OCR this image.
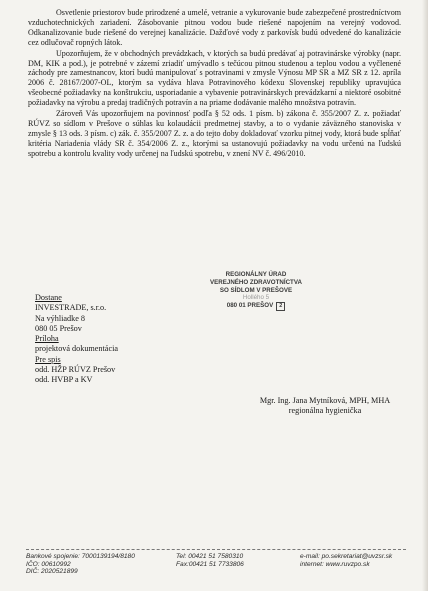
Osvetlenie priestorov bude prirodzené a umelé, vetranie a vykurovanie bude zabezpečené prostredníctvom vzduchotechnických zariadení. Zásobovanie pitnou vodou bude riešené napojením na verejný vodovod. Odkanalizovanie bude riešené do verejnej kanalizácie. Dažďové vody z parkovísk budú odvedené do kanalizácie cez odlučovač ropných látok.

Upozorňujem, že v obchodných prevádzkach, v ktorých sa budú predávať aj potravinárske výrobky (napr. DM, KIK a pod.), je potrebné v zázemí zriadiť umývadlo s tečúcou pitnou studenou a teplou vodou a vyčlenené záchody pre zamestnancov, ktorí budú manipulovať s potravinami v zmysle Výnosu MP SR a MZ SR z 12. apríla 2006 č. 28167/2007-OL, ktorým sa vydáva hlava Potravinového kódexu Slovenskej republiky upravujúca všeobecné požiadavky na konštrukciu, usporiadanie a vybavenie potravinárskych prevádzkarní a niektoré osobitné požiadavky na výrobu a predaj tradičných potravín a na priame dodávanie malého množstva potravín.

Zároveň Vás upozorňujem na povinnosť podľa § 52 ods. 1 písm. b) zákona č. 355/2007 Z. z. požiadať RÚVZ so sídlom v Prešove o súhlas ku kolaudácii predmetnej stavby, a to o vydanie záväzného stanoviska v zmysle § 13 ods. 3 písm. c) zák. č. 355/2007 Z. z. a do tejto doby dokladovať vzorku pitnej vody, ktorá bude spĺňať kritéria Nariadenia vlády SR č. 354/2006 Z. z., ktorými sa ustanovujú požiadavky na vodu určenú na ľudskú spotrebu a kontrolu kvality vody určenej na ľudskú spotrebu, v znení NV č. 496/2010.

Dostane
INVESTRADE, s.r.o.
Na výhliadke 8
080 05 Prešov
Príloha
projektová dokumentácia
Pre spis
odd. HŽP RÚVZ Prešov
odd. HVBP a KV
REGIONÁLNY ÚRAD
VEREJNÉHO ZDRAVOTNÍCTVA
SO SÍDLOM V PREŠOVE
Hollého 5
080 01 PREŠOV 2
Mgr. Ing. Jana Mytníková, MPH, MHA
regionálna hygienička
Bankové spojenie: 7000139194/8180
IČO: 00610992
DIČ: 2020521899
Tel: 00421 51 7580310
Fax:00421 51 7733806
e-mail: po.sekretariat@uvzsr.sk
internet: www.ruvzpo.sk
